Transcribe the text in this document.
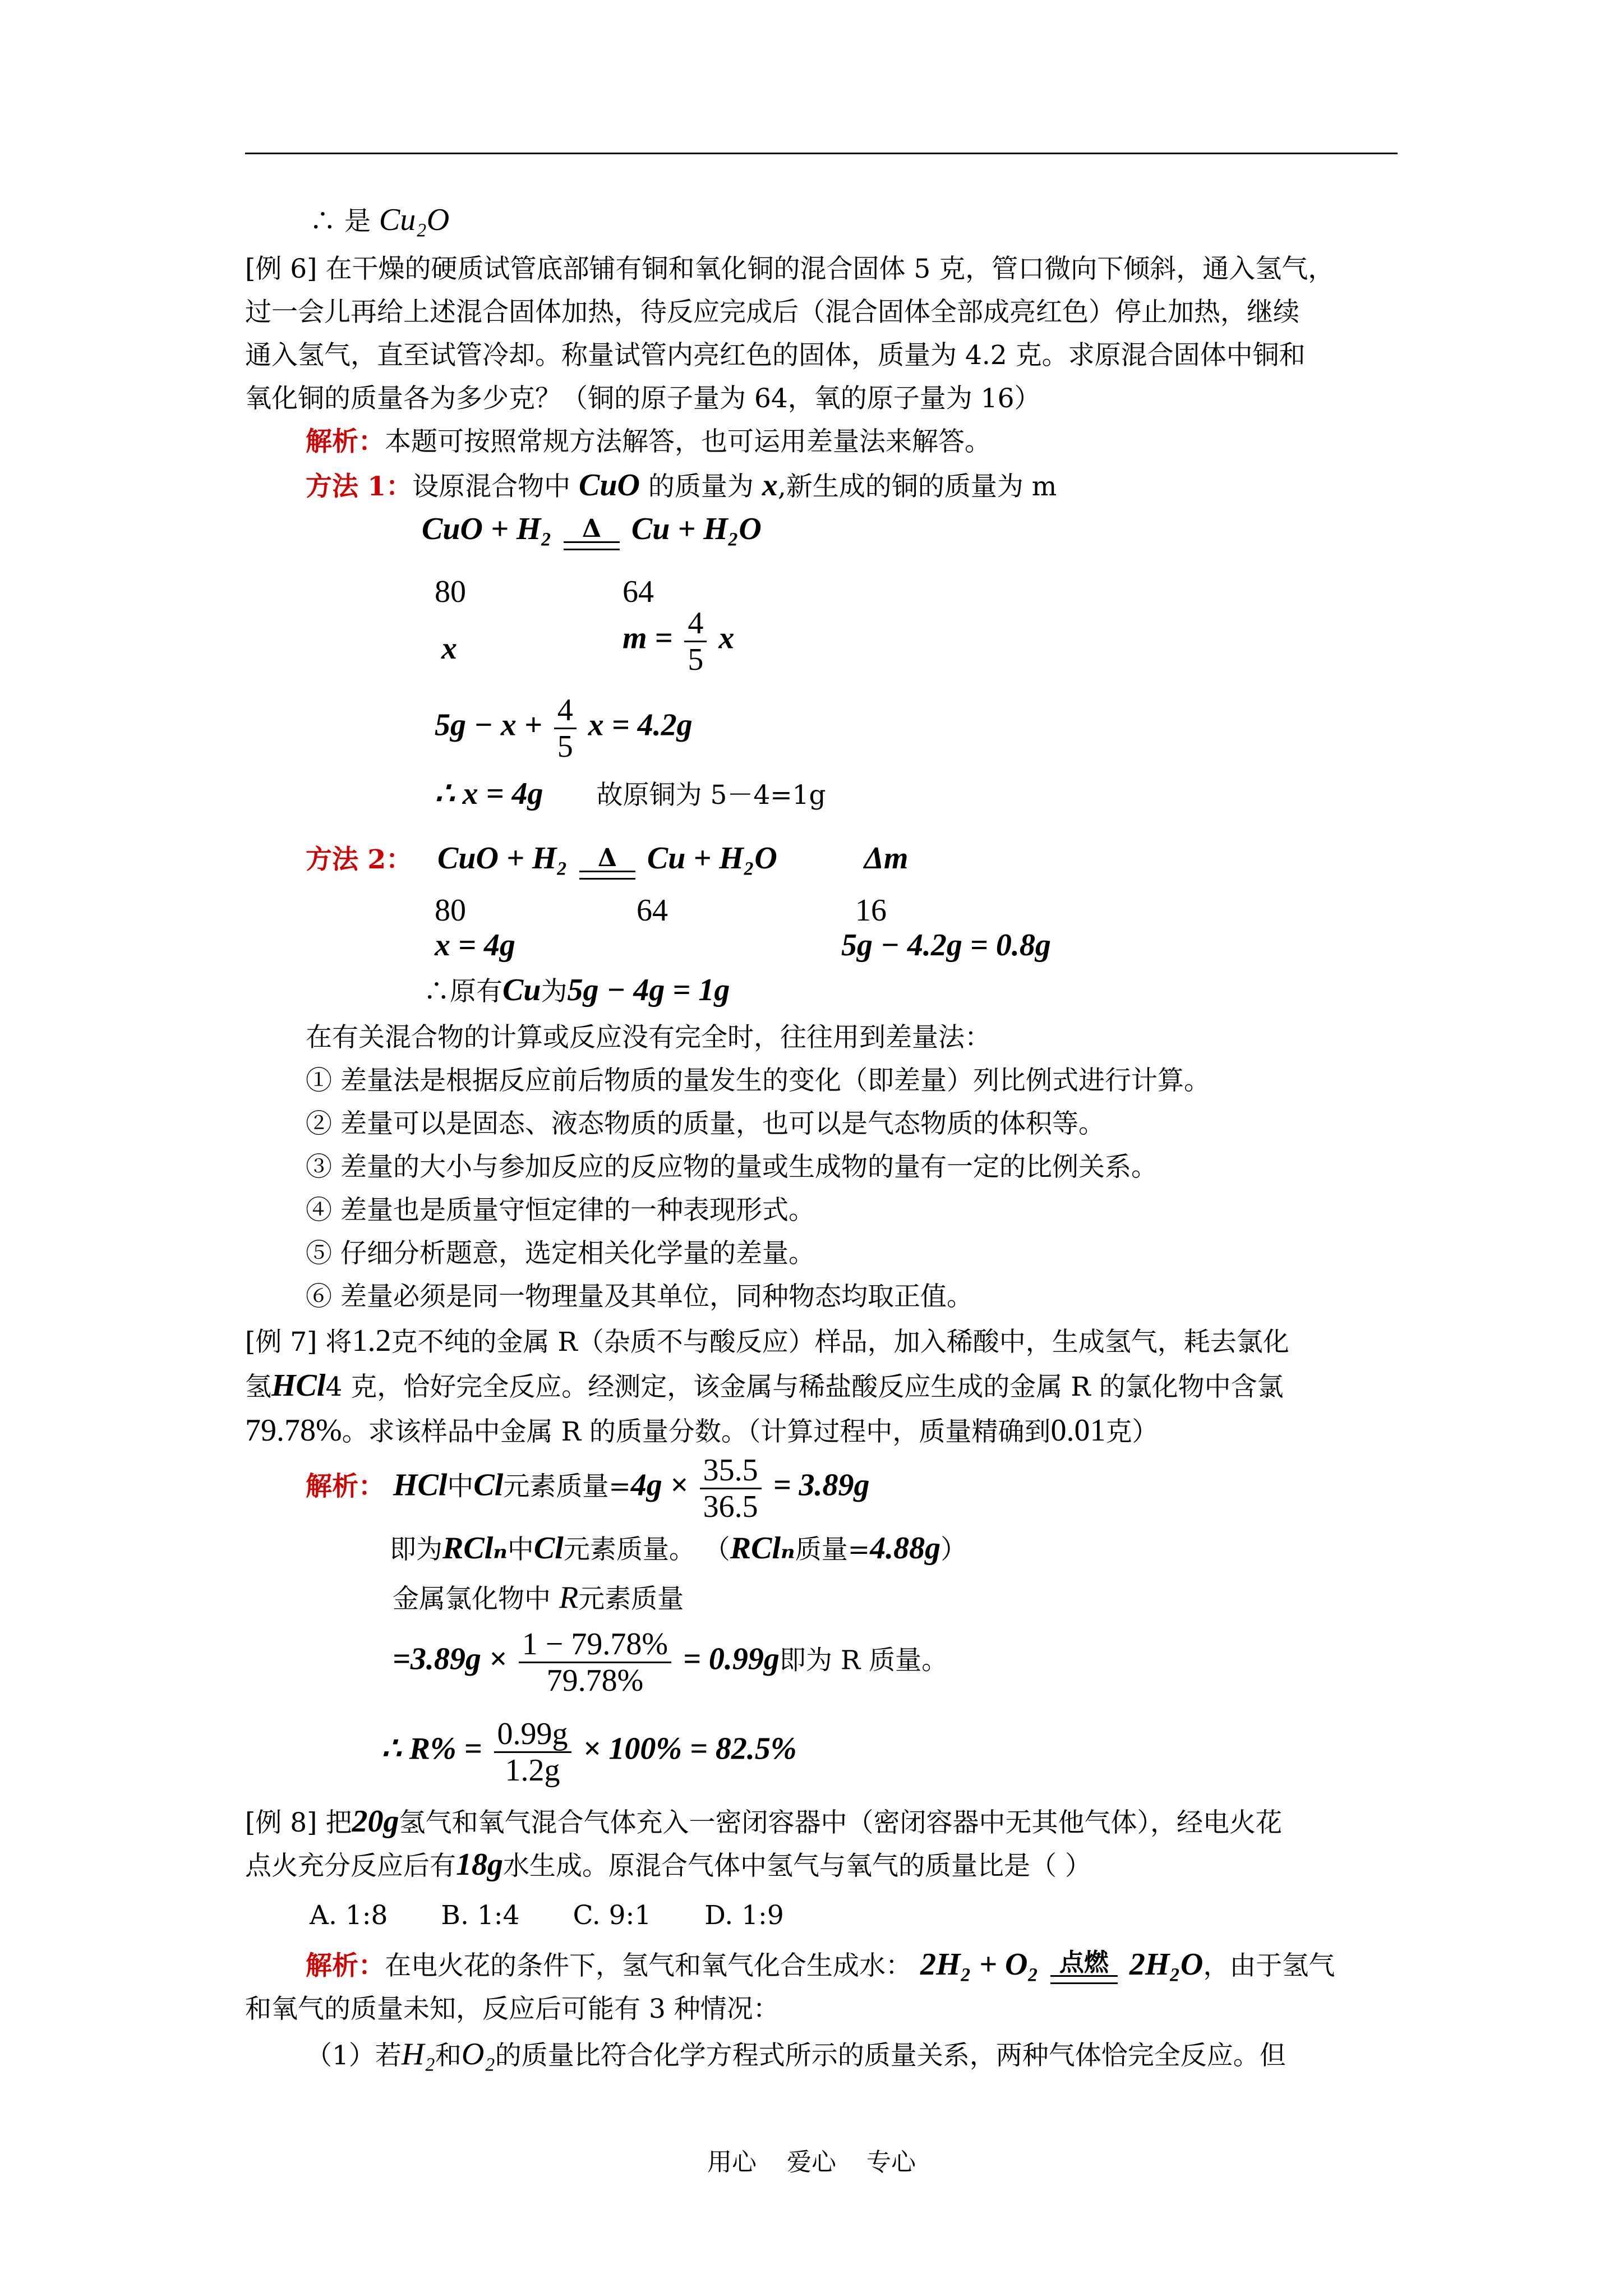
∴ 是 Cu₂O
[例 6] 在干燥的硬质试管底部铺有铜和氧化铜的混合固体 5 克，管口微向下倾斜，通入氢气，
过一会儿再给上述混合固体加热，待反应完成后（混合固体全部成亮红色）停止加热，继续
通入氢气，直至试管冷却。称量试管内亮红色的固体，质量为 4.2 克。求原混合固体中铜和
氧化铜的质量各为多少克？（铜的原子量为 64，氧的原子量为 16）
解析：本题可按照常规方法解答，也可运用差量法来解答。
方法 1：设原混合物中 CuO 的质量为 x,新生成的铜的质量为 m
CuO + H₂	Δ Cu + H₂O
80	64
x	$m = \frac{4}{5}$ x
$5g - x + \frac{4}{5}$ x = 4.2g
∴ x = 4g 故原铜为 5－4=1g
方法 2： CuO + H₂	Δ Cu + H₂O	Δm
80	64	16
x = 4g	5g − 4.2g = 0.8g
∴原有Cu为5g − 4g = 1g
在有关混合物的计算或反应没有完全时，往往用到差量法：
① 差量法是根据反应前后物质的量发生的变化（即差量）列比例式进行计算。
② 差量可以是固态、液态物质的质量，也可以是气态物质的体积等。
③ 差量的大小与参加反应的反应物的量或生成物的量有一定的比例关系。
④ 差量也是质量守恒定律的一种表现形式。
⑤ 仔细分析题意，选定相关化学量的差量。
⑥ 差量必须是同一物理量及其单位，同种物态均取正值。
[例 7] 将1.2克不纯的金属 R（杂质不与酸反应）样品，加入稀酸中，生成氢气，耗去氯化
氢HCl4 克，恰好完全反应。经测定，该金属与稀盐酸反应生成的金属 R 的氯化物中含氯
79.78%。求该样品中金属 R 的质量分数。（计算过程中，质量精确到0.01克）
解析： HCl中Cl元素质量$=4g \times \frac{35.5}{36.5} = 3.89g$
即为RClₙ中Cl元素质量。 （RClₙ质量=4.88g）
金属氯化物中 R元素质量
$=3.89g \times \frac{1 - 79.78\%}{79.78\%} = 0.99g$即为 R 质量。
∴ $R\% = \frac{0.99g}{1.2g} \times 100\% = 82.5\%$
[例 8] 把20g氢气和氧气混合气体充入一密闭容器中（密闭容器中无其他气体），经电火花
点火充分反应后有18g水生成。原混合气体中氢气与氧气的质量比是（ ）
A. 1:8 B. 1:4 C. 9:1 D. 1:9
解析：在电火花的条件下，氢气和氧气化合生成水： 2H₂ + O₂ 点燃 2H₂O，由于氢气
和氧气的质量未知，反应后可能有 3 种情况：
（1）若H₂和O₂的质量比符合化学方程式所示的质量关系，两种气体恰完全反应。但
用心 爱心 专心
